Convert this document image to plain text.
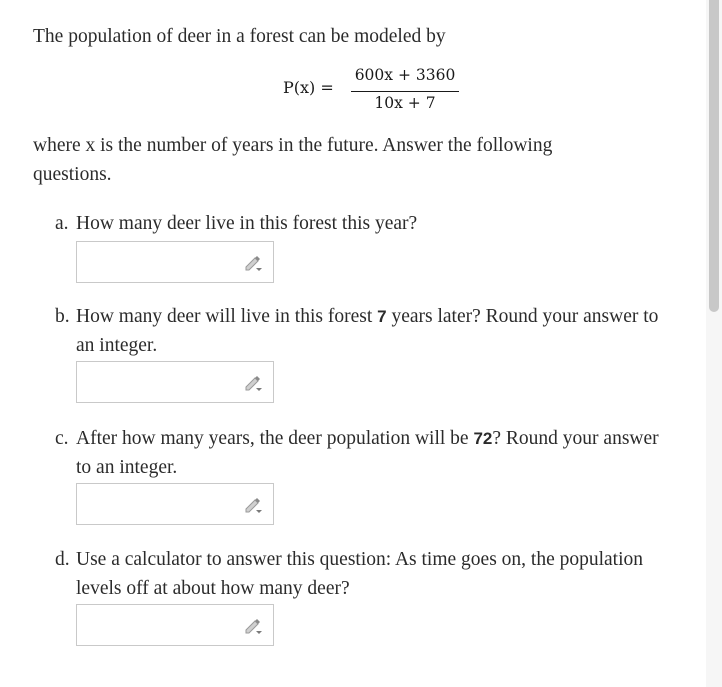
The population of deer in a forest can be modeled by
P(x) =
600x + 3360
10x + 7
where x is the number of years in the future. Answer the following questions.
a. How many deer live in this forest this year?
b. How many deer will live in this forest 7 years later? Round your answer to an integer.
c. After how many years, the deer population will be 72? Round your answer to an integer.
d. Use a calculator to answer this question: As time goes on, the population levels off at about how many deer?
